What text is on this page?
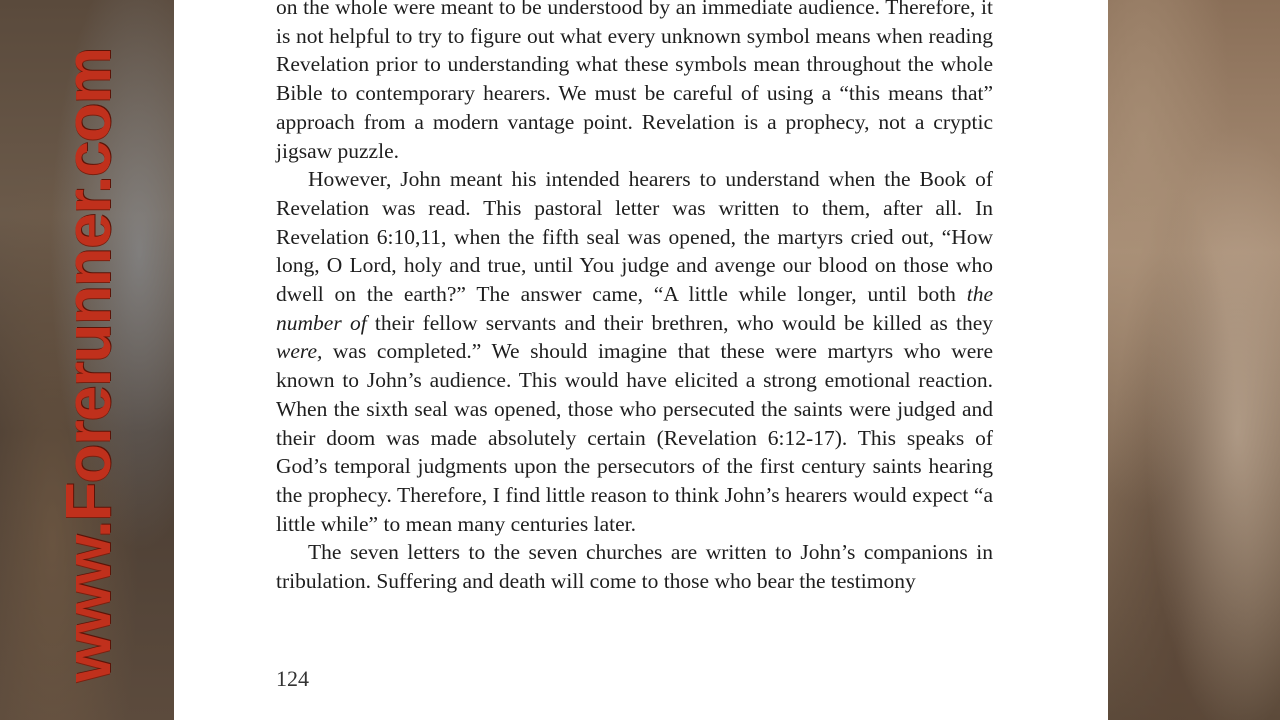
www.Forerunner.com

on the whole were meant to be understood by an immediate audience. Therefore, it is not helpful to try to figure out what every unknown symbol means when reading Revelation prior to understanding what these symbols mean throughout the whole Bible to contemporary hearers. We must be careful of using a “this means that” approach from a modern vantage point. Revelation is a prophecy, not a cryptic jigsaw puzzle.

However, John meant his intended hearers to understand when the Book of Revelation was read. This pastoral letter was written to them, after all. In Revelation 6:10,11, when the fifth seal was opened, the martyrs cried out, “How long, O Lord, holy and true, until You judge and avenge our blood on those who dwell on the earth?” The answer came, “A little while longer, until both the number of their fellow servants and their brethren, who would be killed as they were, was completed.” We should imagine that these were martyrs who were known to John’s audience. This would have elicited a strong emotional reaction. When the sixth seal was opened, those who persecuted the saints were judged and their doom was made absolutely certain (Revelation 6:12-17). This speaks of God’s temporal judgments upon the persecutors of the first century saints hearing the prophecy. Therefore, I find little reason to think John’s hearers would expect “a little while” to mean many centuries later.

The seven letters to the seven churches are written to John’s companions in tribulation. Suffering and death will come to those who bear the testimony

124
